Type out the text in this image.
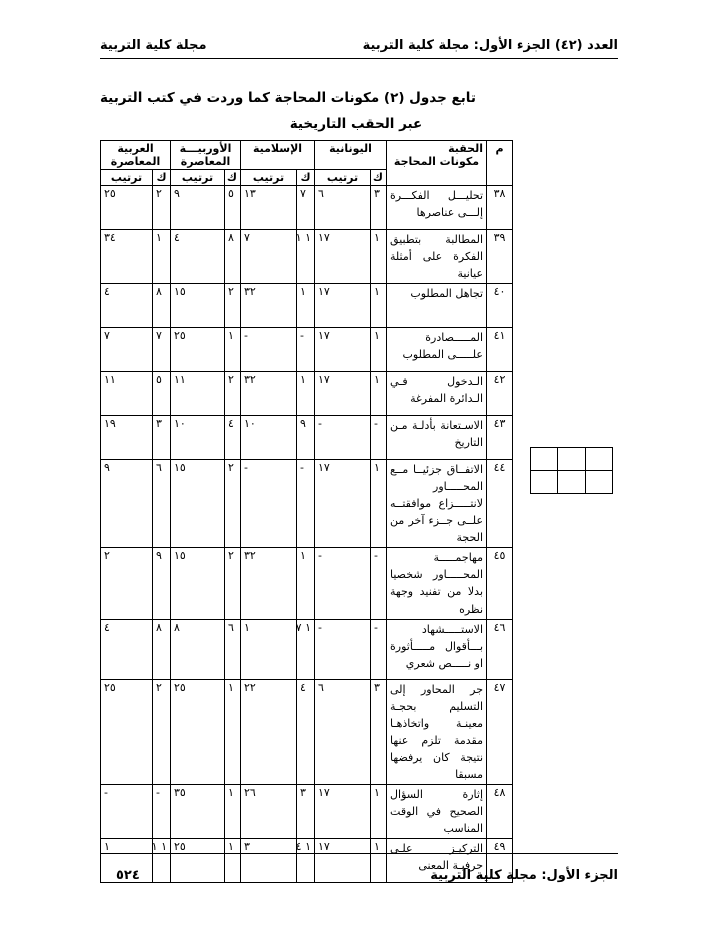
ﻣﺠﻠﺔ ﻛﻠﻴﺔ اﻟﺘﺮﺑﻴﺔ	اﻟﻌﺪد (٤٢) اﻟﺠﺰء اﻷول: ﻣﺠﻠﺔ ﻛﻠﻴﺔ اﻟﺘﺮﺑﻴﺔ
ﺗﺎﺑﻊ ﺟﺪول (٢) ﻣﻜﻮﻧﺎت اﻟﻤﺤﺎﺟﺔ ﻛﻤﺎ وردت ﻓﻲ ﻛﺘﺐ اﻟﺘﺮﺑﻴﺔ
ﻋﺒﺮ اﻟﺤﻘﺐ اﻟﺘﺎرﻳﺨﻴﺔ
م	الحقبة
مكونات المحاجة	اليونانية		الإسلامية		الأوربيـــة المعاصرة		العربية المعاصرة	
		ك	ترتيب	ك	ترتيب	ك	ترتيب	ك	ترتيب
٣٨	تحليـــل الفكـــرة إلـــى عناصرها	٣	٦	٧	١٣	٥	٩	٢	٢٥
٣٩	المطالبة بتطبيق الفكرة على أمثلة عيانية	١	١٧	١ ١	٧	٨	٤	١	٣٤
٤٠	تجاهل المطلوب	١	١٧	١	٣٢	٢	١٥	٨	٤
٤١	المـــــصادرة علـــــى المطلوب	١	١٧	-	-	١	٢٥	٧	٧
٤٢	الـدخول فـي الـدائرة المفرغة	١	١٧	١	٣٢	٢	١١	٥	١١
٤٣	الاسـتعانة بأدلـة مـن التاريخ	-	-	٩	١٠	٤	١٠	٣	١٩
٤٤	الاتفــاق جزئيــا مــع المحـــــاور لانتـــــزاع موافقتــه علــى جــزء آخر من الحجة	١	١٧	-	-	٢	١٥	٦	٩
٤٥	مهاجمـــــة المحـــــاور شخصيا بدلا من تفنيد وجهة نظره	-	-	١	٣٢	٢	١٥	٩	٢
٤٦	الاستـــــشهاد بـــأقوال مـــــأثورة او نـــــص شعري	-	-	١ ٧	١	٦	٨	٨	٤
٤٧	جر المحاور إلى التسليم بحجـة معينـة واتخاذهـا مقدمة تلزم عنها نتيجة كان يرفضها مسبقا	٣	٦	٤	٢٢	١	٢٥	٢	٢٥
٤٨	إثارة السؤال الصحيح في الوقت المناسب	١	١٧	٣	٢٦	١	٣٥	-	-
٤٩	التركيـز علـى حرفيـة المعنى	١	١٧	١ ٤	٣	١	٢٥	١ ١	١

٥٢٤	اﻟﺠﺰء اﻷول: ﻣﺠﻠﺔ ﻛﻠﻴﺔ اﻟﺘﺮﺑﻴﺔ
